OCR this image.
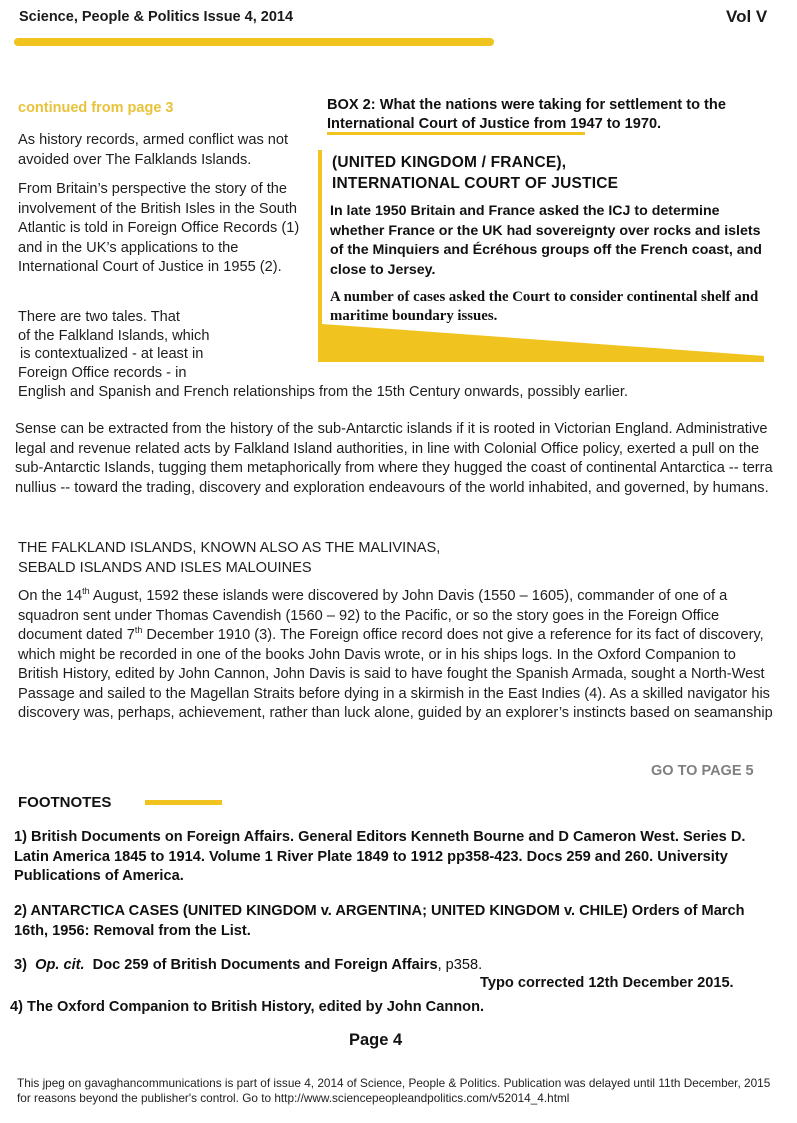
Science, People & Politics Issue 4, 2014	Vol V
continued from page 3
As history records, armed conflict was not avoided over The Falklands Islands.
From Britain’s perspective the story of the involvement of the British Isles in the South Atlantic is told in Foreign Office Records (1) and in the UK’s applications to the International Court of Justice in 1955 (2).
There are two tales. That
of the Falkland Islands, which
is contextualized - at least in
Foreign Office records - in
English and Spanish and French relationships from the 15th Century onwards, possibly earlier.
BOX 2: What the nations were taking for settlement to the International Court of Justice from 1947 to 1970.
(UNITED KINGDOM / FRANCE),
INTERNATIONAL COURT OF JUSTICE
In late 1950 Britain and France asked the ICJ to determine whether France or the UK had sovereignty over rocks and islets of the Minquiers and Écréhous groups off the French coast, and close to Jersey.
A number of cases asked the Court to consider continental shelf and maritime boundary issues.
Sense can be extracted from the history of the sub-Antarctic islands if it is rooted in Victorian England. Administrative legal and revenue related acts by Falkland Island authorities, in line with Colonial Office policy, exerted a pull on the sub-Antarctic Islands, tugging them metaphorically from where they hugged the coast of continental Antarctica -- terra nullius -- toward the trading, discovery and exploration endeavours of the world inhabited, and governed, by humans.
THE FALKLAND ISLANDS, KNOWN ALSO AS THE MALIVINAS,
SEBALD ISLANDS AND ISLES MALOUINES
On the 14th August, 1592 these islands were discovered by John Davis (1550 – 1605), commander of one of a squadron sent under Thomas Cavendish (1560 – 92) to the Pacific, or so the story goes in the Foreign Office document dated 7th December 1910 (3). The Foreign office record does not give a reference for its fact of discovery, which might be recorded in one of the books John Davis wrote, or in his ships logs. In the Oxford Companion to British History, edited by John Cannon, John Davis is said to have fought the Spanish Armada, sought a North-West Passage and sailed to the Magellan Straits before dying in a skirmish in the East Indies (4). As a skilled navigator his discovery was, perhaps, achievement, rather than luck alone, guided by an explorer’s instincts based on seamanship
GO TO PAGE 5
FOOTNOTES
1) British Documents on Foreign Affairs. General Editors Kenneth Bourne and D Cameron West. Series D. Latin America 1845 to 1914. Volume 1 River Plate 1849 to 1912 pp358-423. Docs 259 and 260. University Publications of America.
2) ANTARCTICA CASES (UNITED KINGDOM v. ARGENTINA; UNITED KINGDOM v. CHILE) Orders of March 16th, 1956: Removal from the List.
3) Op. cit. Doc 259 of British Documents and Foreign Affairs, p358.
Typo corrected 12th December 2015.
4) The Oxford Companion to British History, edited by John Cannon.
Page 4
This jpeg on gavaghancommunications is part of issue 4, 2014 of Science, People & Politics. Publication was delayed until 11th December, 2015 for reasons beyond the publisher's control. Go to http://www.sciencepeopleandpolitics.com/v52014_4.html
